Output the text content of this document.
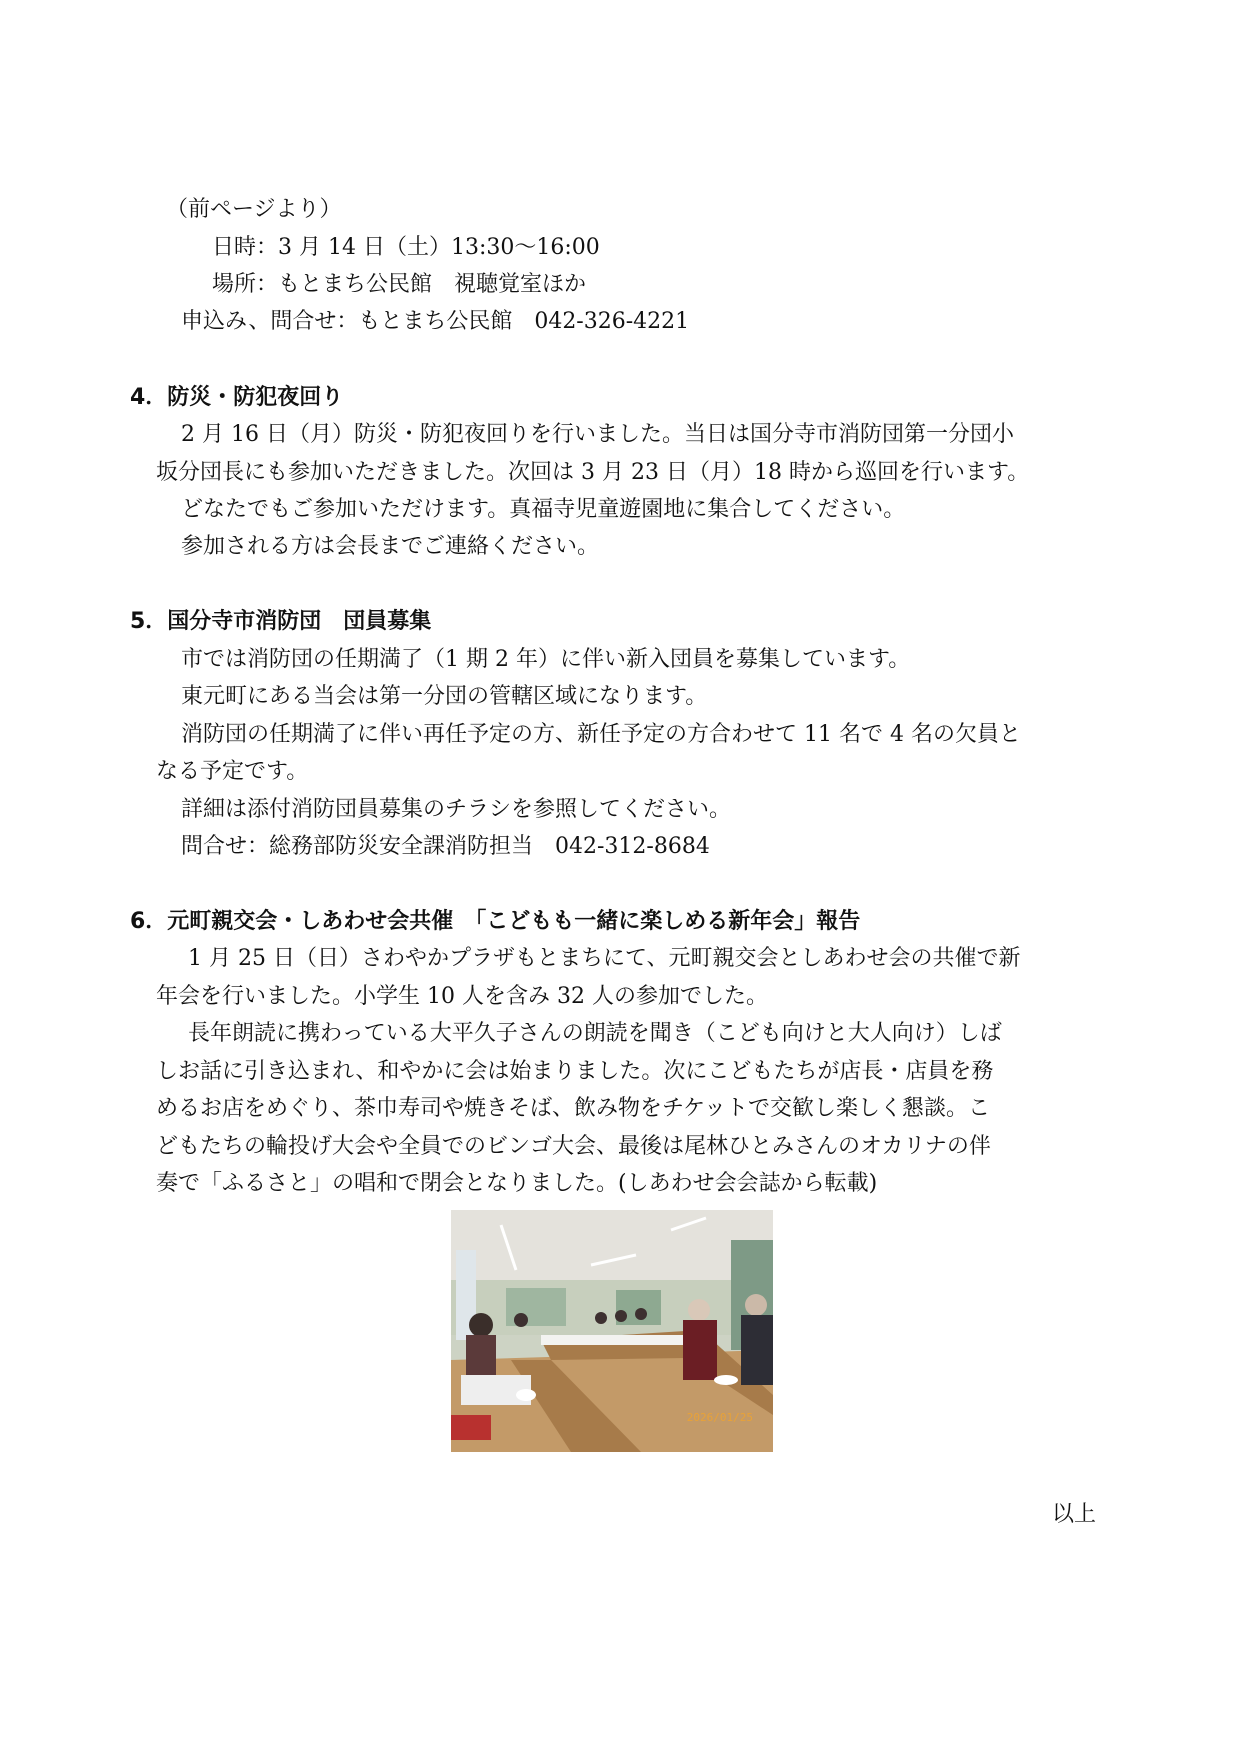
（前ページより）
日時：3 月 14 日（土）13:30～16:00
場所：もとまち公民館　視聴覚室ほか
申込み、問合せ：もとまち公民館　042-326-4221
4．防災・防犯夜回り
2 月 16 日（月）防災・防犯夜回りを行いました。当日は国分寺市消防団第一分団小
坂分団長にも参加いただきました。次回は 3 月 23 日（月）18 時から巡回を行います。
どなたでもご参加いただけます。真福寺児童遊園地に集合してください。
参加される方は会長までご連絡ください。
5．国分寺市消防団　団員募集
市では消防団の任期満了（1 期 2 年）に伴い新入団員を募集しています。
東元町にある当会は第一分団の管轄区域になります。
消防団の任期満了に伴い再任予定の方、新任予定の方合わせて 11 名で 4 名の欠員と
なる予定です。
詳細は添付消防団員募集のチラシを参照してください。
問合せ：総務部防災安全課消防担当　042-312-8684
6．元町親交会・しあわせ会共催　「こどもも一緒に楽しめる新年会」報告
1 月 25 日（日）さわやかプラザもとまちにて、元町親交会としあわせ会の共催で新
年会を行いました。小学生 10 人を含み 32 人の参加でした。
長年朗読に携わっている大平久子さんの朗読を聞き（こども向けと大人向け）しば
しお話に引き込まれ、和やかに会は始まりました。次にこどもたちが店長・店員を務
めるお店をめぐり、茶巾寿司や焼きそば、飲み物をチケットで交歓し楽しく懇談。こ
どもたちの輪投げ大会や全員でのビンゴ大会、最後は尾林ひとみさんのオカリナの伴
奏で「ふるさと」の唱和で閉会となりました。(しあわせ会会誌から転載)
2026/01/25
以上
